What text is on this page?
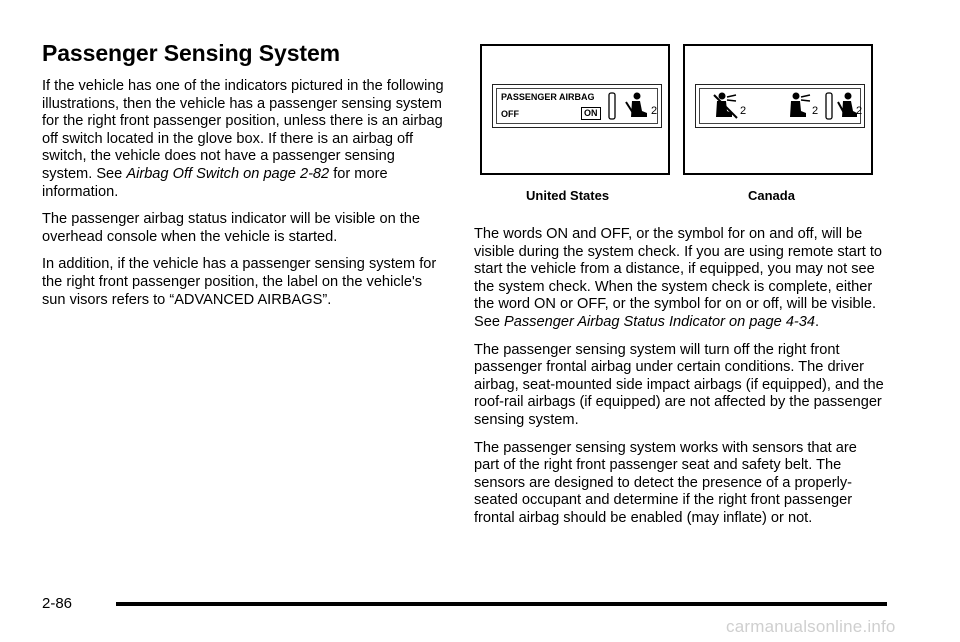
Passenger Sensing System

If the vehicle has one of the indicators pictured in the following illustrations, then the vehicle has a passenger sensing system for the right front passenger position, unless there is an airbag off switch located in the glove box. If there is an airbag off switch, the vehicle does not have a passenger sensing system. See Airbag Off Switch on page 2-82 for more information.

The passenger airbag status indicator will be visible on the overhead console when the vehicle is started.

In addition, if the vehicle has a passenger sensing system for the right front passenger position, the label on the vehicle's sun visors refers to “ADVANCED AIRBAGS”.

PASSENGER AIRBAG
OFF	ON	2	2	2	2
United States	Canada

The words ON and OFF, or the symbol for on and off, will be visible during the system check. If you are using remote start to start the vehicle from a distance, if equipped, you may not see the system check. When the system check is complete, either the word ON or OFF, or the symbol for on or off, will be visible. See Passenger Airbag Status Indicator on page 4-34.

The passenger sensing system will turn off the right front passenger frontal airbag under certain conditions. The driver airbag, seat-mounted side impact airbags (if equipped), and the roof-rail airbags (if equipped) are not affected by the passenger sensing system.

The passenger sensing system works with sensors that are part of the right front passenger seat and safety belt. The sensors are designed to detect the presence of a properly-seated occupant and determine if the right front passenger frontal airbag should be enabled (may inflate) or not.

2-86
carmanualsonline.info
